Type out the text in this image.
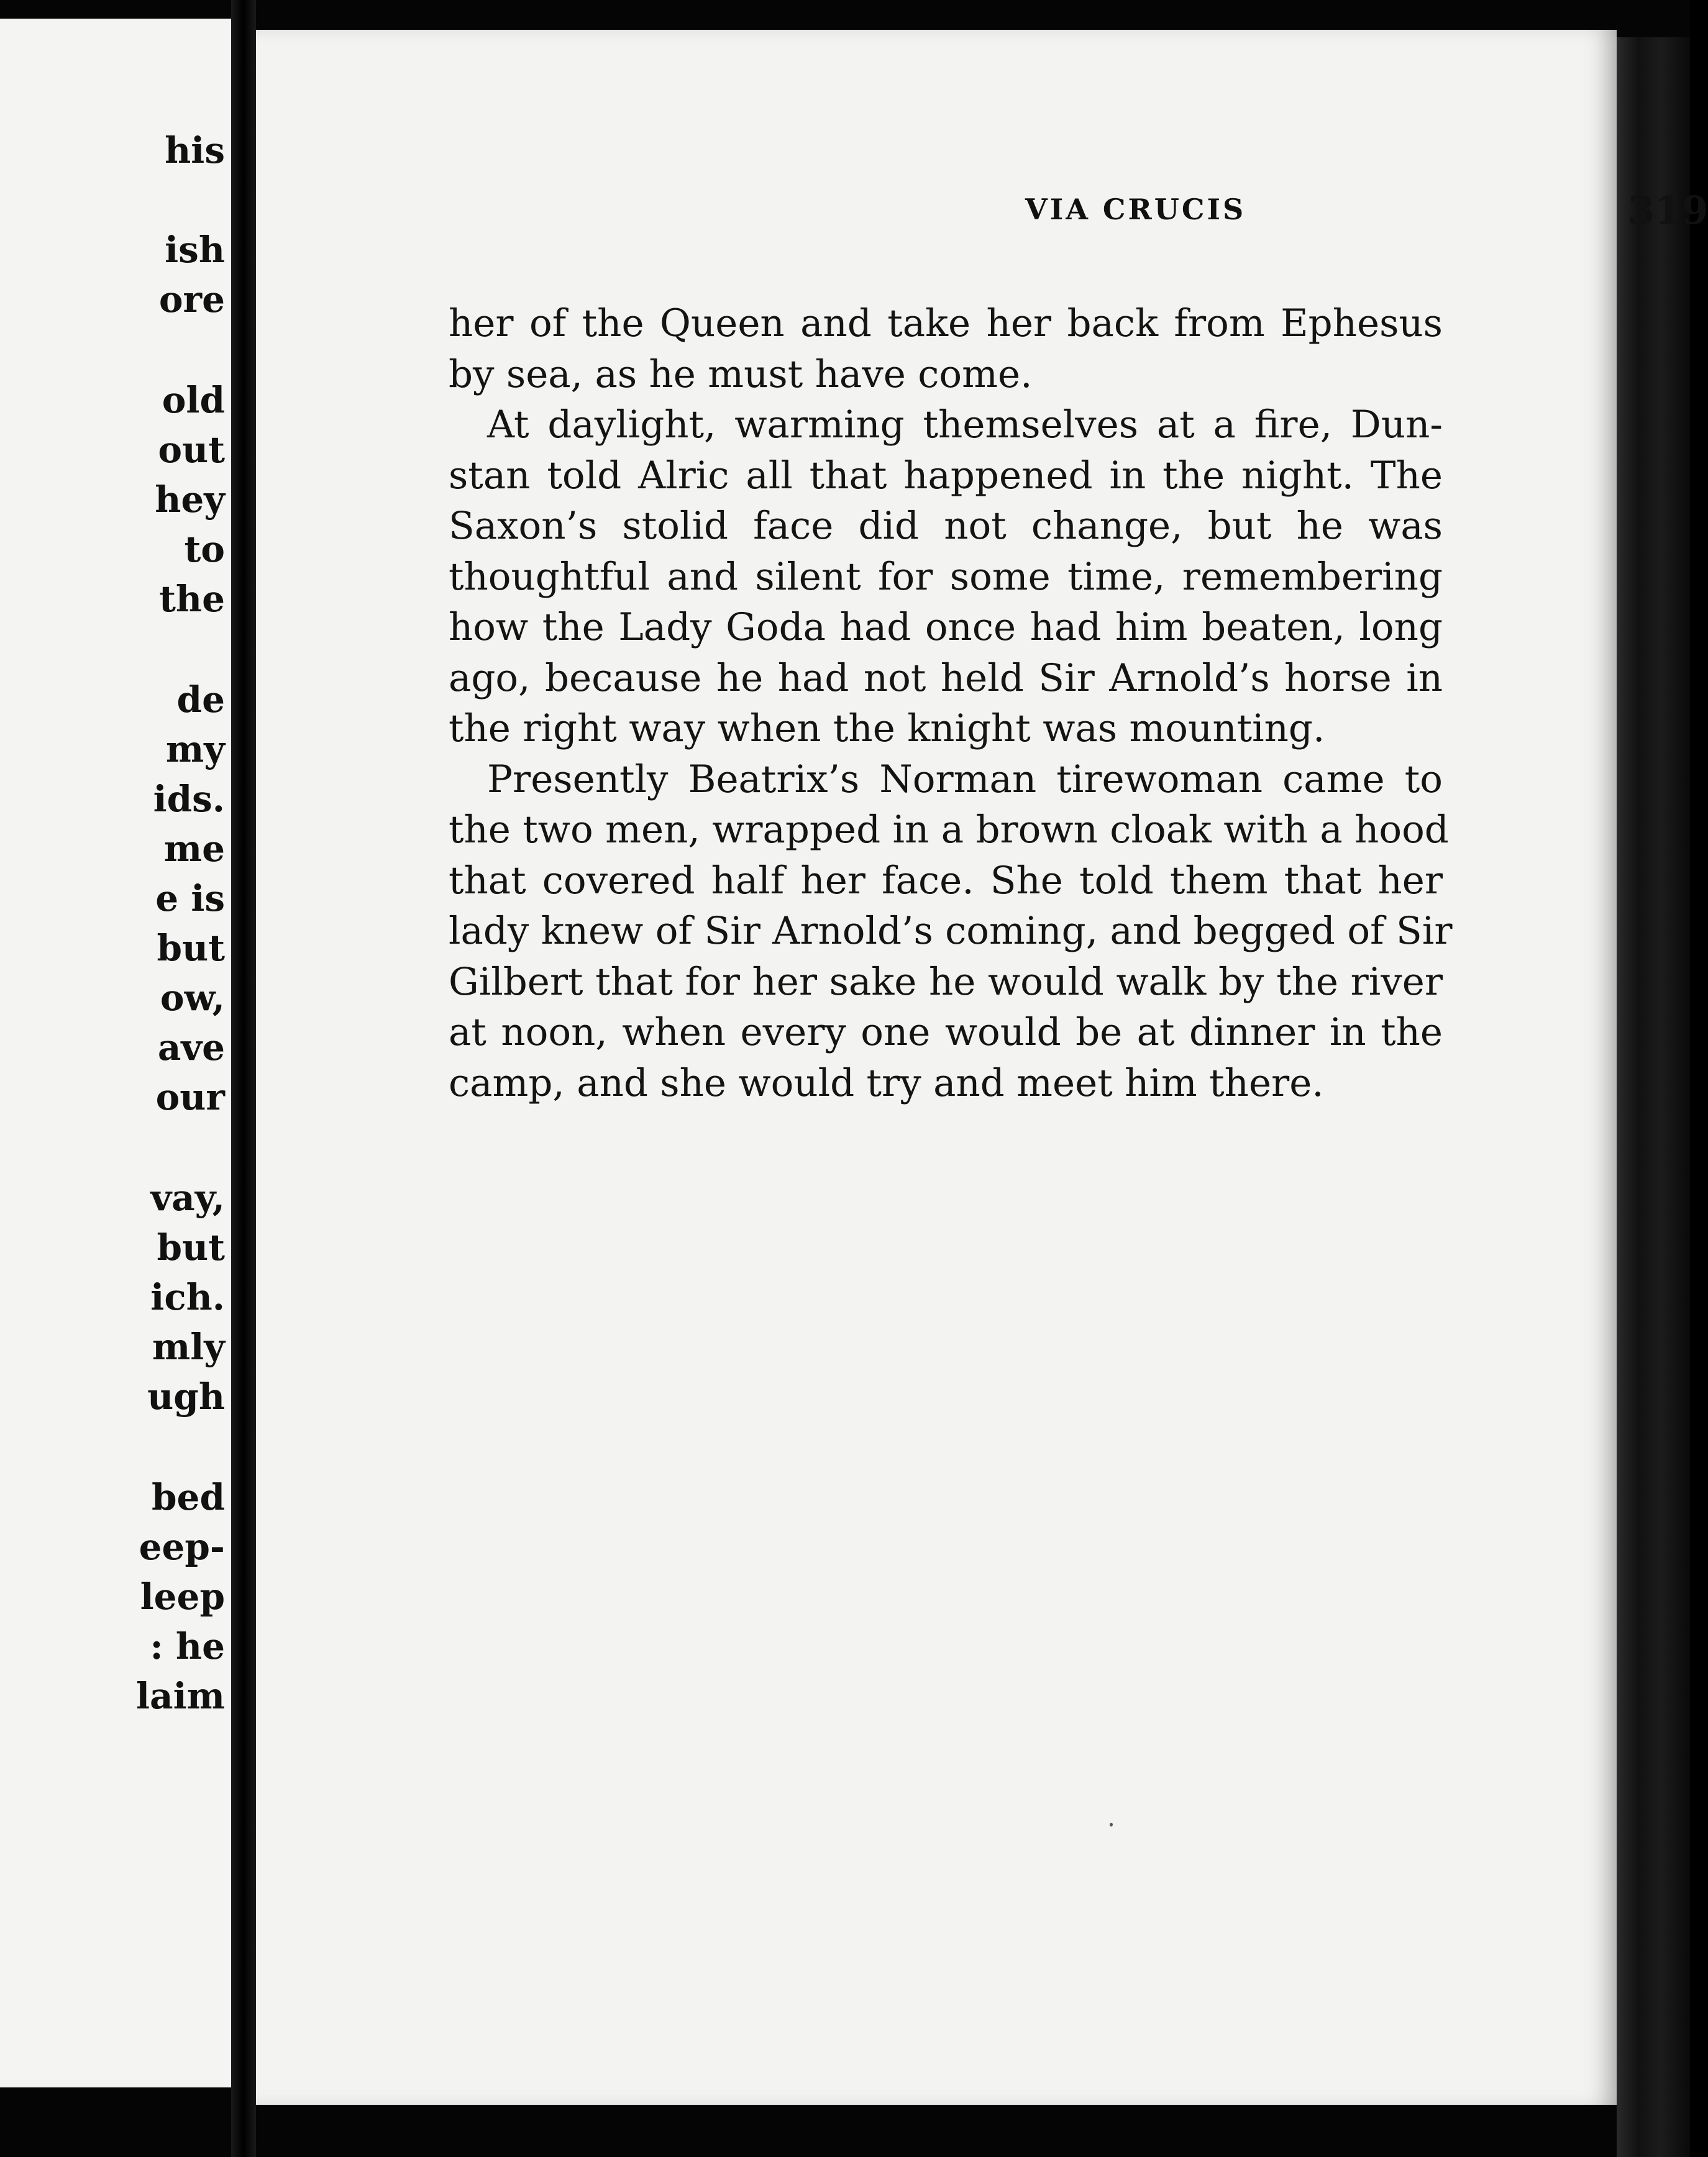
his
ish
ore
old
out
hey
to
the
de
my
ids.
me
e is
but
ow,
ave
our
vay,
but
ich.
mly
ugh
bed
eep-
leep
: he
laim
VIA CRUCIS	319
her of the Queen and take her back from Ephesus
by sea, as he must have come.
At daylight, warming themselves at a fire, Dun-
stan told Alric all that happened in the night. The
Saxon’s stolid face did not change, but he was
thoughtful and silent for some time, remembering
how the Lady Goda had once had him beaten, long
ago, because he had not held Sir Arnold’s horse in
the right way when the knight was mounting.
Presently Beatrix’s Norman tirewoman came to
the two men, wrapped in a brown cloak with a hood
that covered half her face. She told them that her
lady knew of Sir Arnold’s coming, and begged of Sir
Gilbert that for her sake he would walk by the river
at noon, when every one would be at dinner in the
camp, and she would try and meet him there.
